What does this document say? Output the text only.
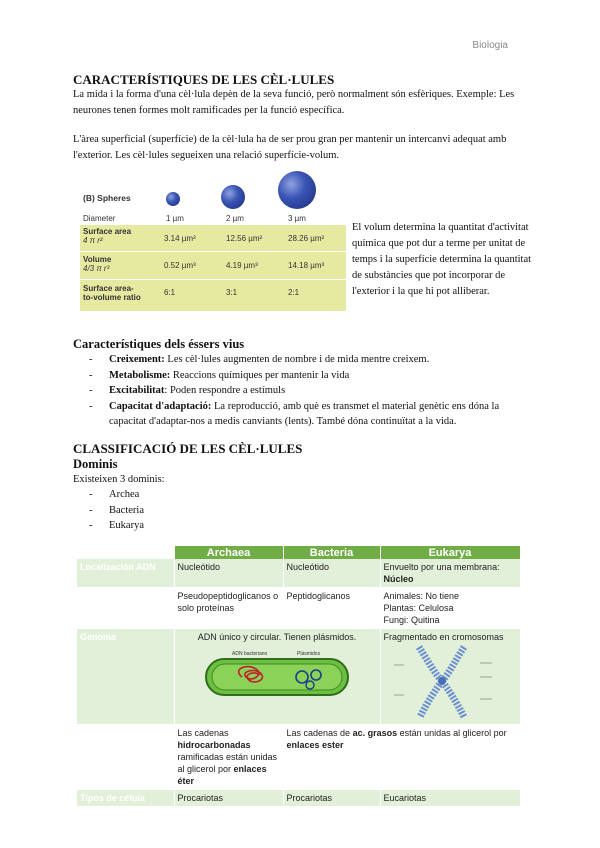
Biologia
CARACTERÍSTIQUES DE LES CÈL·LULES
La mida i la forma d'una cèl·lula depèn de la seva funció, però normalment són esfèriques. Exemple: Les neurones tenen formes molt ramificades per la funció específica.
L'àrea superficial (superfície) de la cèl·lula ha de ser prou gran per mantenir un intercanvi adequat amb l'exterior. Les cèl·lules segueixen una relació superfície-volum.
(B) Spheres
Diameter	1 µm	2 µm	3 µm
Surface area
4 π r²	3.14 µm²	12.56 µm²	28.26 µm²
Volume
4/3 π r³	0.52 µm³	4.19 µm³	14.18 µm³
Surface area-
to-volume ratio
6:1	3:1	2:1
El volum determina la quantitat d'activitat química que pot dur a terme per unitat de temps i la superfície determina la quantitat de substàncies que pot incorporar de l'exterior i la que hi pot alliberar.
Característiques dels éssers vius
- Creixement: Les cèl·lules augmenten de nombre i de mida mentre creixem.
- Metabolisme: Reaccions químiques per mantenir la vida
- Excitabilitat: Poden respondre a estímuls
- Capacitat d'adaptació: La reproducció, amb què es transmet el material genètic ens dóna la capacitat d'adaptar-nos a medis canviants (lents). També dóna continuïtat a la vida.
CLASSIFICACIÓ DE LES CÈL·LULES
Dominis
Existeixen 3 dominis:
- Archea
- Bacteria
- Eukarya
	Archaea	Bacteria	Eukarya
Localización ADN	Nucleótido	Nucleótido	Envuelto por una membrana:
Núcleo

Composición de la pared	Pseudopeptidoglicanos o solo proteínas	Peptidoglicanos	Animales: No tiene
Plantas: Celulosa
Fungi: Quitina

Genoma	ADN único y circular. Tienen plásmidos.
ADN bacteriano Plásmidos		Fragmentado en cromosomas

Membrana	Las cadenas hidrocarbonadas ramificadas están unidas al glicerol por enlaces éter	Las cadenas de ac. grasos están unidas al glicerol por enlaces ester	
Tipos de célula	Procariotas	Procariotas	Eucariotas
